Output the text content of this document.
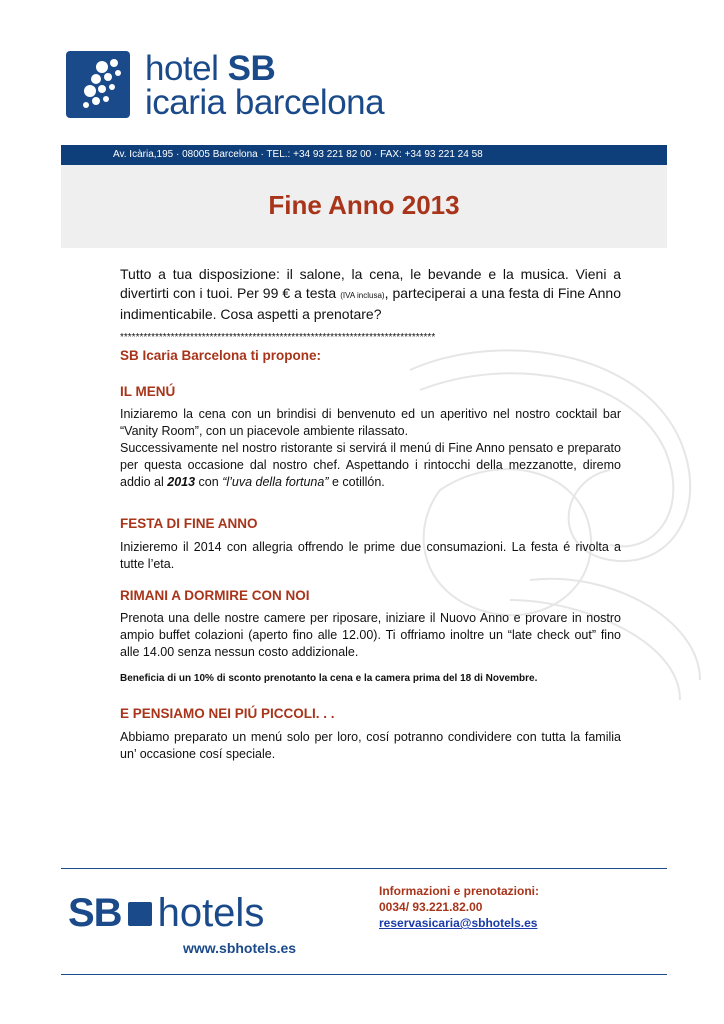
hotel SB
icaria barcelona
Av. Icària,195 · 08005 Barcelona · TEL.: +34 93 221 82 00 · FAX: +34 93 221 24 58
Fine Anno 2013

Tutto a tua disposizione: il salone, la cena, le bevande e la musica. Vieni a divertirti con i tuoi. Per 99 € a testa (IVA inclusa), parteciperai a una festa di Fine Anno indimenticabile. Cosa aspetti a prenotare?

*********************************************************************************

SB Icaria Barcelona ti propone:

IL MENÚ

Iniziaremo la cena con un brindisi di benvenuto ed un aperitivo nel nostro cocktail bar “Vanity Room”, con un piacevole ambiente rilassato.

Successivamente nel nostro ristorante si servirá il menú di Fine Anno pensato e preparato per questa occasione dal nostro chef. Aspettando i rintocchi della mezzanotte, diremo addio al 2013 con “l’uva della fortuna” e cotillón.

FESTA DI FINE ANNO

Inizieremo il 2014 con allegria offrendo le prime due consumazioni. La festa é rivolta a tutte l’eta.

RIMANI A DORMIRE CON NOI

Prenota una delle nostre camere per riposare, iniziare il Nuovo Anno e provare in nostro ampio buffet colazioni (aperto fino alle 12.00). Ti offriamo inoltre un “late check out” fino alle 14.00 senza nessun costo addizionale.

Beneficia di un 10% di sconto prenotanto la cena e la camera prima del 18 di Novembre.

E PENSIAMO NEI PIÚ PICCOLI. . .

Abbiamo preparato un menú solo per loro, cosí potranno condividere con tutta la familia un’ occasione cosí speciale.

SB hotels
www.sbhotels.es
Informazioni e prenotazioni:
0034/ 93.221.82.00
reservasicaria@sbhotels.es
